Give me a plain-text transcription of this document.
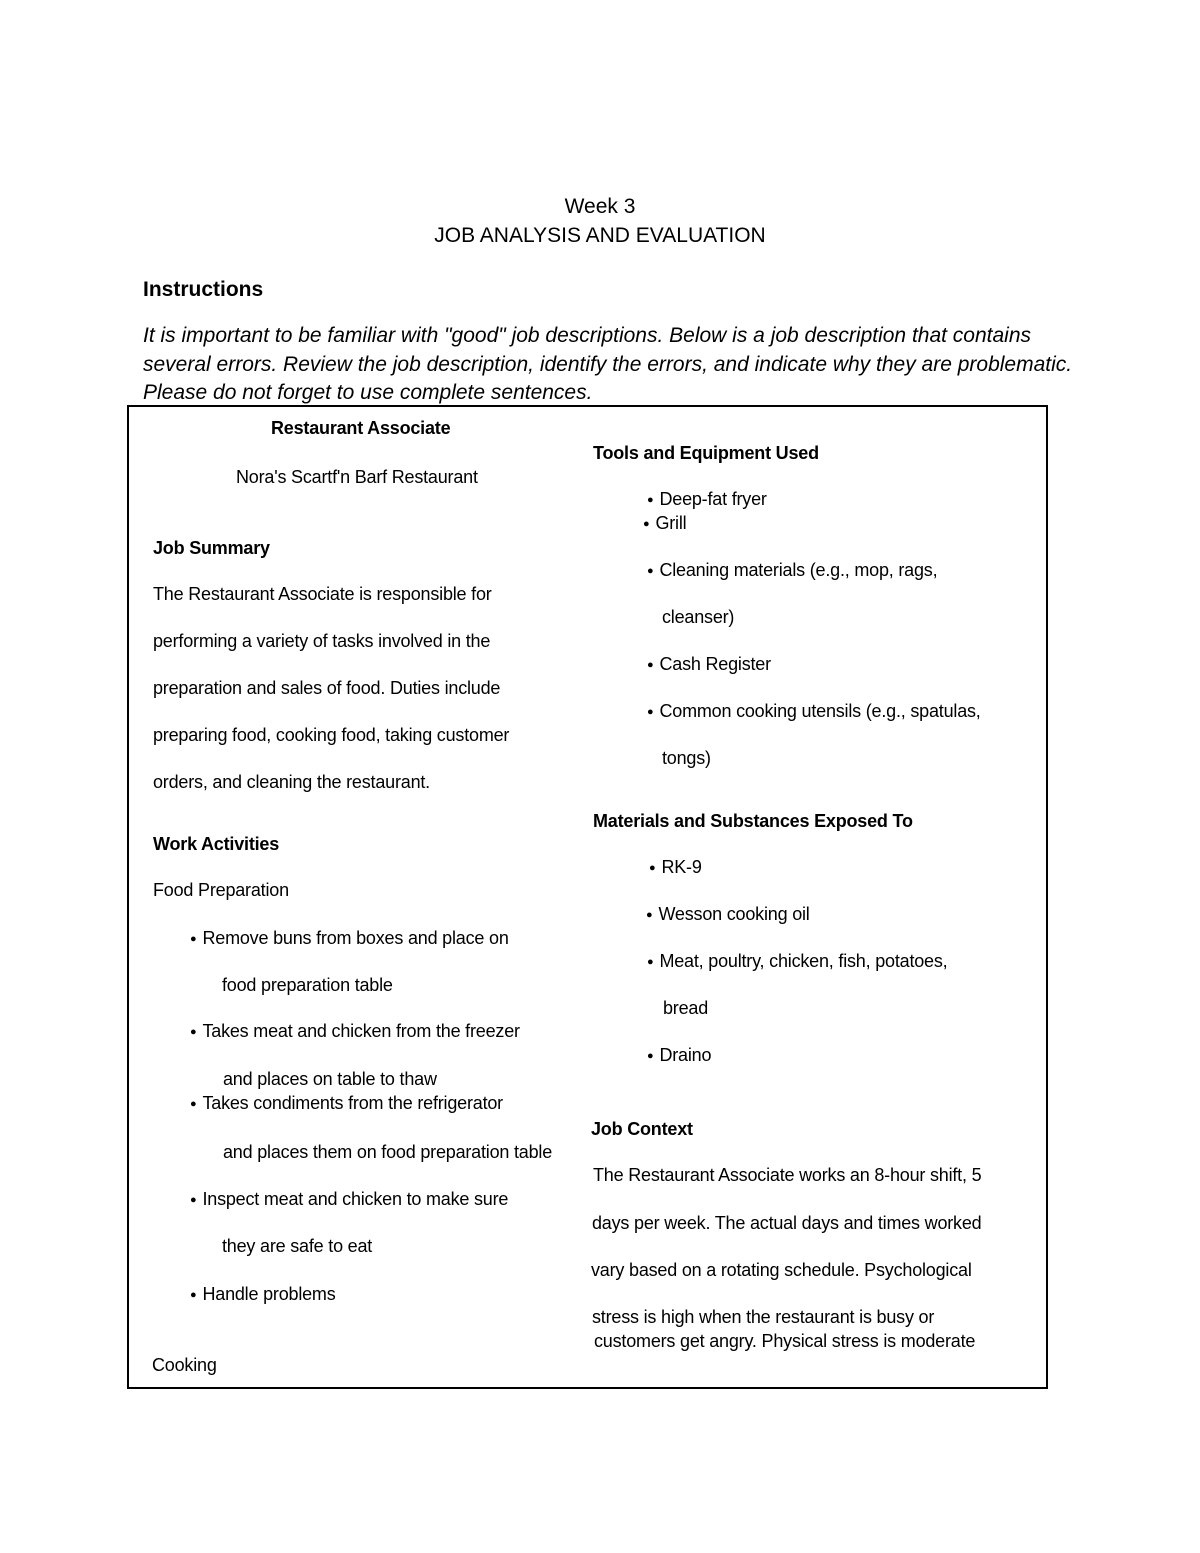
Week 3
JOB ANALYSIS AND EVALUATION
Instructions
It is important to be familiar with "good" job descriptions. Below is a job description that contains several errors. Review the job description, identify the errors, and indicate why they are problematic. Please do not forget to use complete sentences.
Restaurant Associate
Nora's Scartf'n Barf Restaurant
Job Summary
The Restaurant Associate is responsible for
performing a variety of tasks involved in the
preparation and sales of food. Duties include
preparing food, cooking food, taking customer
orders, and cleaning the restaurant.
Work Activities
Food Preparation
● Remove buns from boxes and place on
food preparation table
● Takes meat and chicken from the freezer
and places on table to thaw
● Takes condiments from the refrigerator
and places them on food preparation table
● Inspect meat and chicken to make sure
they are safe to eat
● Handle problems
Cooking
Tools and Equipment Used
● Deep-fat fryer
● Grill
● Cleaning materials (e.g., mop, rags,
cleanser)
● Cash Register
● Common cooking utensils (e.g., spatulas,
tongs)
Materials and Substances Exposed To
● RK-9
● Wesson cooking oil
● Meat, poultry, chicken, fish, potatoes,
bread
● Draino
Job Context
The Restaurant Associate works an 8-hour shift, 5
days per week. The actual days and times worked
vary based on a rotating schedule. Psychological
stress is high when the restaurant is busy or
customers get angry. Physical stress is moderate
